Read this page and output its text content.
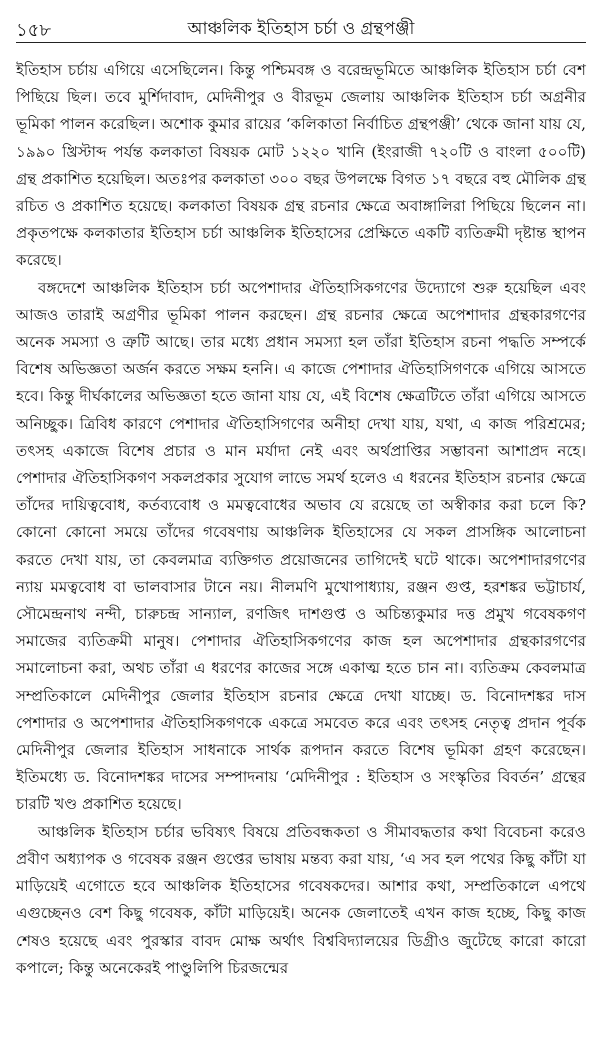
১৫৮	আঞ্চলিক ইতিহাস চর্চা ও গ্রন্থপঞ্জী

ইতিহাস চর্চায় এগিয়ে এসেছিলেন। কিন্তু পশ্চিমবঙ্গ ও বরেন্দ্রভূমিতে আঞ্চলিক ইতিহাস চর্চা বেশ পিছিয়ে ছিল। তবে মুর্শিদাবাদ, মেদিনীপুর ও বীরভূম জেলায় আঞ্চলিক ইতিহাস চর্চা অগ্রনীর ভূমিকা পালন করেছিল। অশোক কুমার রায়ের ‘কলিকাতা নির্বাচিত গ্রন্থপঞ্জী’ থেকে জানা যায় যে, ১৯৯০ খ্রিস্টাব্দ পর্যন্ত কলকাতা বিষয়ক মোট ১২২০ খানি (ইংরাজী ৭২০টি ও বাংলা ৫০০টি) গ্রন্থ প্রকাশিত হয়েছিল। অতঃপর কলকাতা ৩০০ বছর উপলক্ষে বিগত ১৭ বছরে বহু মৌলিক গ্রন্থ রচিত ও প্রকাশিত হয়েছে। কলকাতা বিষয়ক গ্রন্থ রচনার ক্ষেত্রে অবাঙ্গালিরা পিছিয়ে ছিলেন না। প্রকৃতপক্ষে কলকাতার ইতিহাস চর্চা আঞ্চলিক ইতিহাসের প্রেক্ষিতে একটি ব্যতিক্রমী দৃষ্টান্ত স্থাপন করেছে।

বঙ্গদেশে আঞ্চলিক ইতিহাস চর্চা অপেশাদার ঐতিহাসিকগণের উদ্যোগে শুরু হয়েছিল এবং আজও তারাই অগ্রণীর ভূমিকা পালন করছেন। গ্রন্থ রচনার ক্ষেত্রে অপেশাদার গ্রন্থকারগণের অনেক সমস্যা ও ত্রুটি আছে। তার মধ্যে প্রধান সমস্যা হল তাঁরা ইতিহাস রচনা পদ্ধতি সম্পর্কে বিশেষ অভিজ্ঞতা অর্জন করতে সক্ষম হননি। এ কাজে পেশাদার ঐতিহাসিগণকে এগিয়ে আসতে হবে। কিন্তু দীর্ঘকালের অভিজ্ঞতা হতে জানা যায় যে, এই বিশেষ ক্ষেত্রটিতে তাঁরা এগিয়ে আসতে অনিচ্ছুক। ত্রিবিধ কারণে পেশাদার ঐতিহাসিগণের অনীহা দেখা যায়, যথা, এ কাজ পরিশ্রমের; তৎসহ একাজে বিশেষ প্রচার ও মান মর্যাদা নেই এবং অর্থপ্রাপ্তির সম্ভাবনা আশাপ্রদ নহে। পেশাদার ঐতিহাসিকগণ সকলপ্রকার সুযোগ লাভে সমর্থ হলেও এ ধরনের ইতিহাস রচনার ক্ষেত্রে তাঁদের দায়িত্ববোধ, কর্তব্যবোধ ও মমত্ববোধের অভাব যে রয়েছে তা অস্বীকার করা চলে কি? কোনো কোনো সময়ে তাঁদের গবেষণায় আঞ্চলিক ইতিহাসের যে সকল প্রাসঙ্গিক আলোচনা করতে দেখা যায়, তা কেবলমাত্র ব্যক্তিগত প্রয়োজনের তাগিদেই ঘটে থাকে। অপেশাদারগণের ন্যায় মমত্ববোধ বা ভালবাসার টানে নয়। নীলমণি মুখোপাধ্যায়, রঞ্জন গুপ্ত, হরশঙ্কর ভট্টাচার্য, সৌমেন্দ্রনাথ নন্দী, চারুচন্দ্র সান্যাল, রণজিৎ দাশগুপ্ত ও অচিন্ত্যকুমার দত্ত প্রমুখ গবেষকগণ সমাজের ব্যতিক্রমী মানুষ। পেশাদার ঐতিহাসিকগণের কাজ হল অপেশাদার গ্রন্থকারগণের সমালোচনা করা, অথচ তাঁরা এ ধরণের কাজের সঙ্গে একাত্ম হতে চান না। ব্যতিক্রম কেবলমাত্র সম্প্রতিকালে মেদিনীপুর জেলার ইতিহাস রচনার ক্ষেত্রে দেখা যাচ্ছে। ড. বিনোদশঙ্কর দাস পেশাদার ও অপেশাদার ঐতিহাসিকগণকে একত্রে সমবেত করে এবং তৎসহ নেতৃত্ব প্রদান পূর্বক মেদিনীপুর জেলার ইতিহাস সাধনাকে সার্থক রূপদান করতে বিশেষ ভূমিকা গ্রহণ করেছেন। ইতিমধ্যে ড. বিনোদশঙ্কর দাসের সম্পাদনায় ‘মেদিনীপুর : ইতিহাস ও সংস্কৃতির বিবর্তন’ গ্রন্থের চারটি খণ্ড প্রকাশিত হয়েছে।

আঞ্চলিক ইতিহাস চর্চার ভবিষ্যৎ বিষয়ে প্রতিবন্ধকতা ও সীমাবদ্ধতার কথা বিবেচনা করেও প্রবীণ অধ্যাপক ও গবেষক রঞ্জন গুপ্তের ভাষায় মন্তব্য করা যায়, ‘এ সব হল পথের কিছু কাঁটা যা মাড়িয়েই এগোতে হবে আঞ্চলিক ইতিহাসের গবেষকদের। আশার কথা, সম্প্রতিকালে এপথে এগুচ্ছেনও বেশ কিছু গবেষক, কাঁটা মাড়িয়েই। অনেক জেলাতেই এখন কাজ হচ্ছে, কিছু কাজ শেষও হয়েছে এবং পুরস্কার বাবদ মোক্ষ অর্থাৎ বিশ্ববিদ্যালয়ের ডিগ্রীও জুটেছে কারো কারো কপালে; কিন্তু অনেকেরই পাণ্ডুলিপি চিরজন্মের
